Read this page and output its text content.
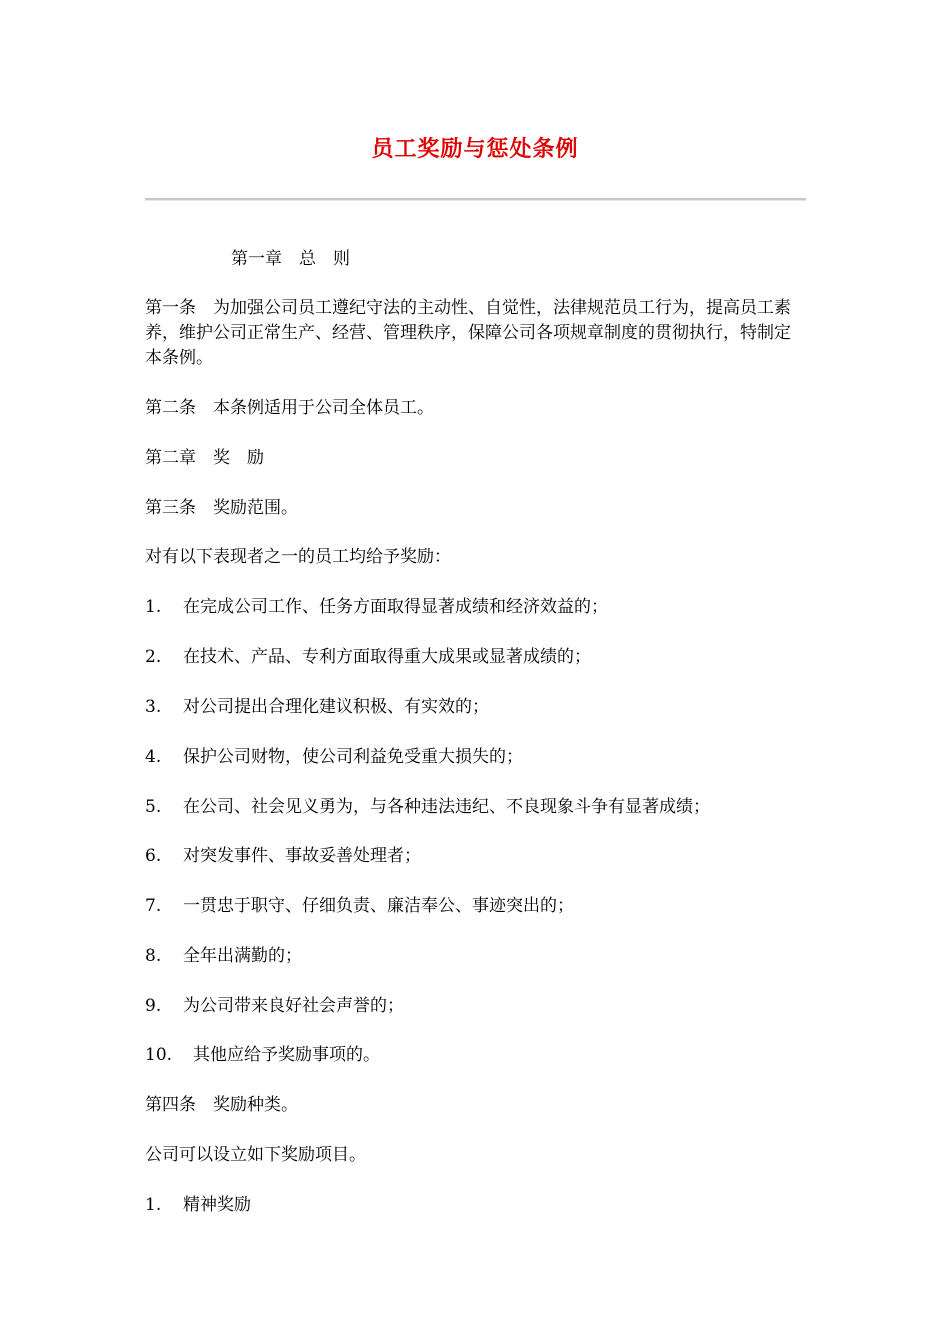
员工奖励与惩处条例
第一章　总　则
第一条　为加强公司员工遵纪守法的主动性、自觉性，法律规范员工行为，提高员工素养，维护公司正常生产、经营、管理秩序，保障公司各项规章制度的贯彻执行，特制定本条例。
第二条　本条例适用于公司全体员工。
第二章　奖　励
第三条　奖励范围。
对有以下表现者之一的员工均给予奖励：
1. 在完成公司工作、任务方面取得显著成绩和经济效益的；
2. 在技术、产品、专利方面取得重大成果或显著成绩的；
3. 对公司提出合理化建议积极、有实效的；
4. 保护公司财物，使公司利益免受重大损失的；
5. 在公司、社会见义勇为，与各种违法违纪、不良现象斗争有显著成绩；
6. 对突发事件、事故妥善处理者；
7. 一贯忠于职守、仔细负责、廉洁奉公、事迹突出的；
8. 全年出满勤的；
9. 为公司带来良好社会声誉的；
10. 其他应给予奖励事项的。
第四条　奖励种类。
公司可以设立如下奖励项目。
1. 精神奖励
